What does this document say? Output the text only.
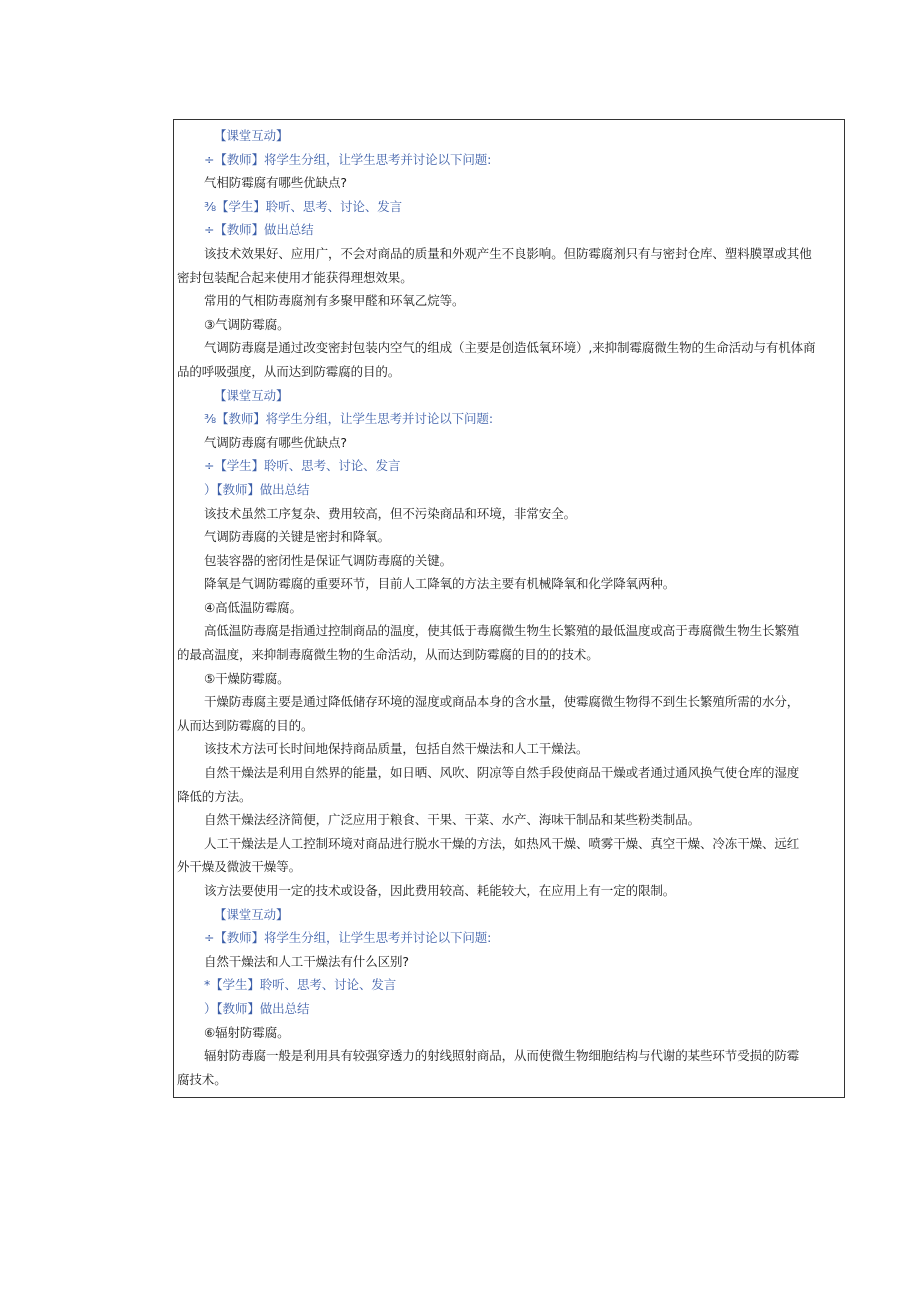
【课堂互动】
÷【教师】将学生分组，让学生思考并讨论以下问题:
气相防霉腐有哪些优缺点?
⅜【学生】聆听、思考、讨论、发言
÷【教师】做出总结
该技术效果好、应用广，不会对商品的质量和外观产生不良影响。但防霉腐剂只有与密封仓库、塑料膜罩或其他
密封包装配合起来使用才能获得理想效果。
常用的气相防毒腐剂有多聚甲醛和环氧乙烷等。
③气调防霉腐。
气调防毒腐是通过改变密封包装内空气的组成（主要是创造低氧环境）,来抑制霉腐微生物的生命活动与有机体商
品的呼吸强度，从而达到防霉腐的目的。
【课堂互动】
⅜【教师】将学生分组，让学生思考并讨论以下问题:
气调防毒腐有哪些优缺点?
÷【学生】聆听、思考、讨论、发言
）【教师】做出总结
该技术虽然工序复杂、费用较高，但不污染商品和环境，非常安全。
气调防毒腐的关键是密封和降氧。
包装容器的密闭性是保证气调防毒腐的关键。
降氧是气调防霉腐的重要环节，目前人工降氧的方法主要有机械降氧和化学降氧两种。
④高低温防霉腐。
高低温防毒腐是指通过控制商品的温度，使其低于毒腐微生物生长繁殖的最低温度或高于毒腐微生物生长繁殖
的最高温度，来抑制毒腐微生物的生命活动，从而达到防霉腐的目的的技术。
⑤干燥防霉腐。
干燥防毒腐主要是通过降低储存环境的湿度或商品本身的含水量，使霉腐微生物得不到生长繁殖所需的水分，
从而达到防霉腐的目的。
该技术方法可长时间地保持商品质量，包括自然干燥法和人工干燥法。
自然干燥法是利用自然界的能量，如日晒、风吹、阴凉等自然手段使商品干燥或者通过通风换气使仓库的湿度
降低的方法。
自然干燥法经济简便，广泛应用于粮食、干果、干菜、水产、海味干制品和某些粉类制品。
人工干燥法是人工控制环境对商品进行脱水干燥的方法，如热风干燥、喷雾干燥、真空干燥、冷冻干燥、远红
外干燥及微波干燥等。
该方法要使用一定的技术或设备，因此费用较高、耗能较大，在应用上有一定的限制。
【课堂互动】
÷【教师】将学生分组，让学生思考并讨论以下问题:
自然干燥法和人工干燥法有什么区别?
*【学生】聆听、思考、讨论、发言
）【教师】做出总结
⑥辐射防霉腐。
辐射防毒腐一般是利用具有较强穿透力的射线照射商品，从而使微生物细胞结构与代谢的某些环节受损的防霉
腐技术。
